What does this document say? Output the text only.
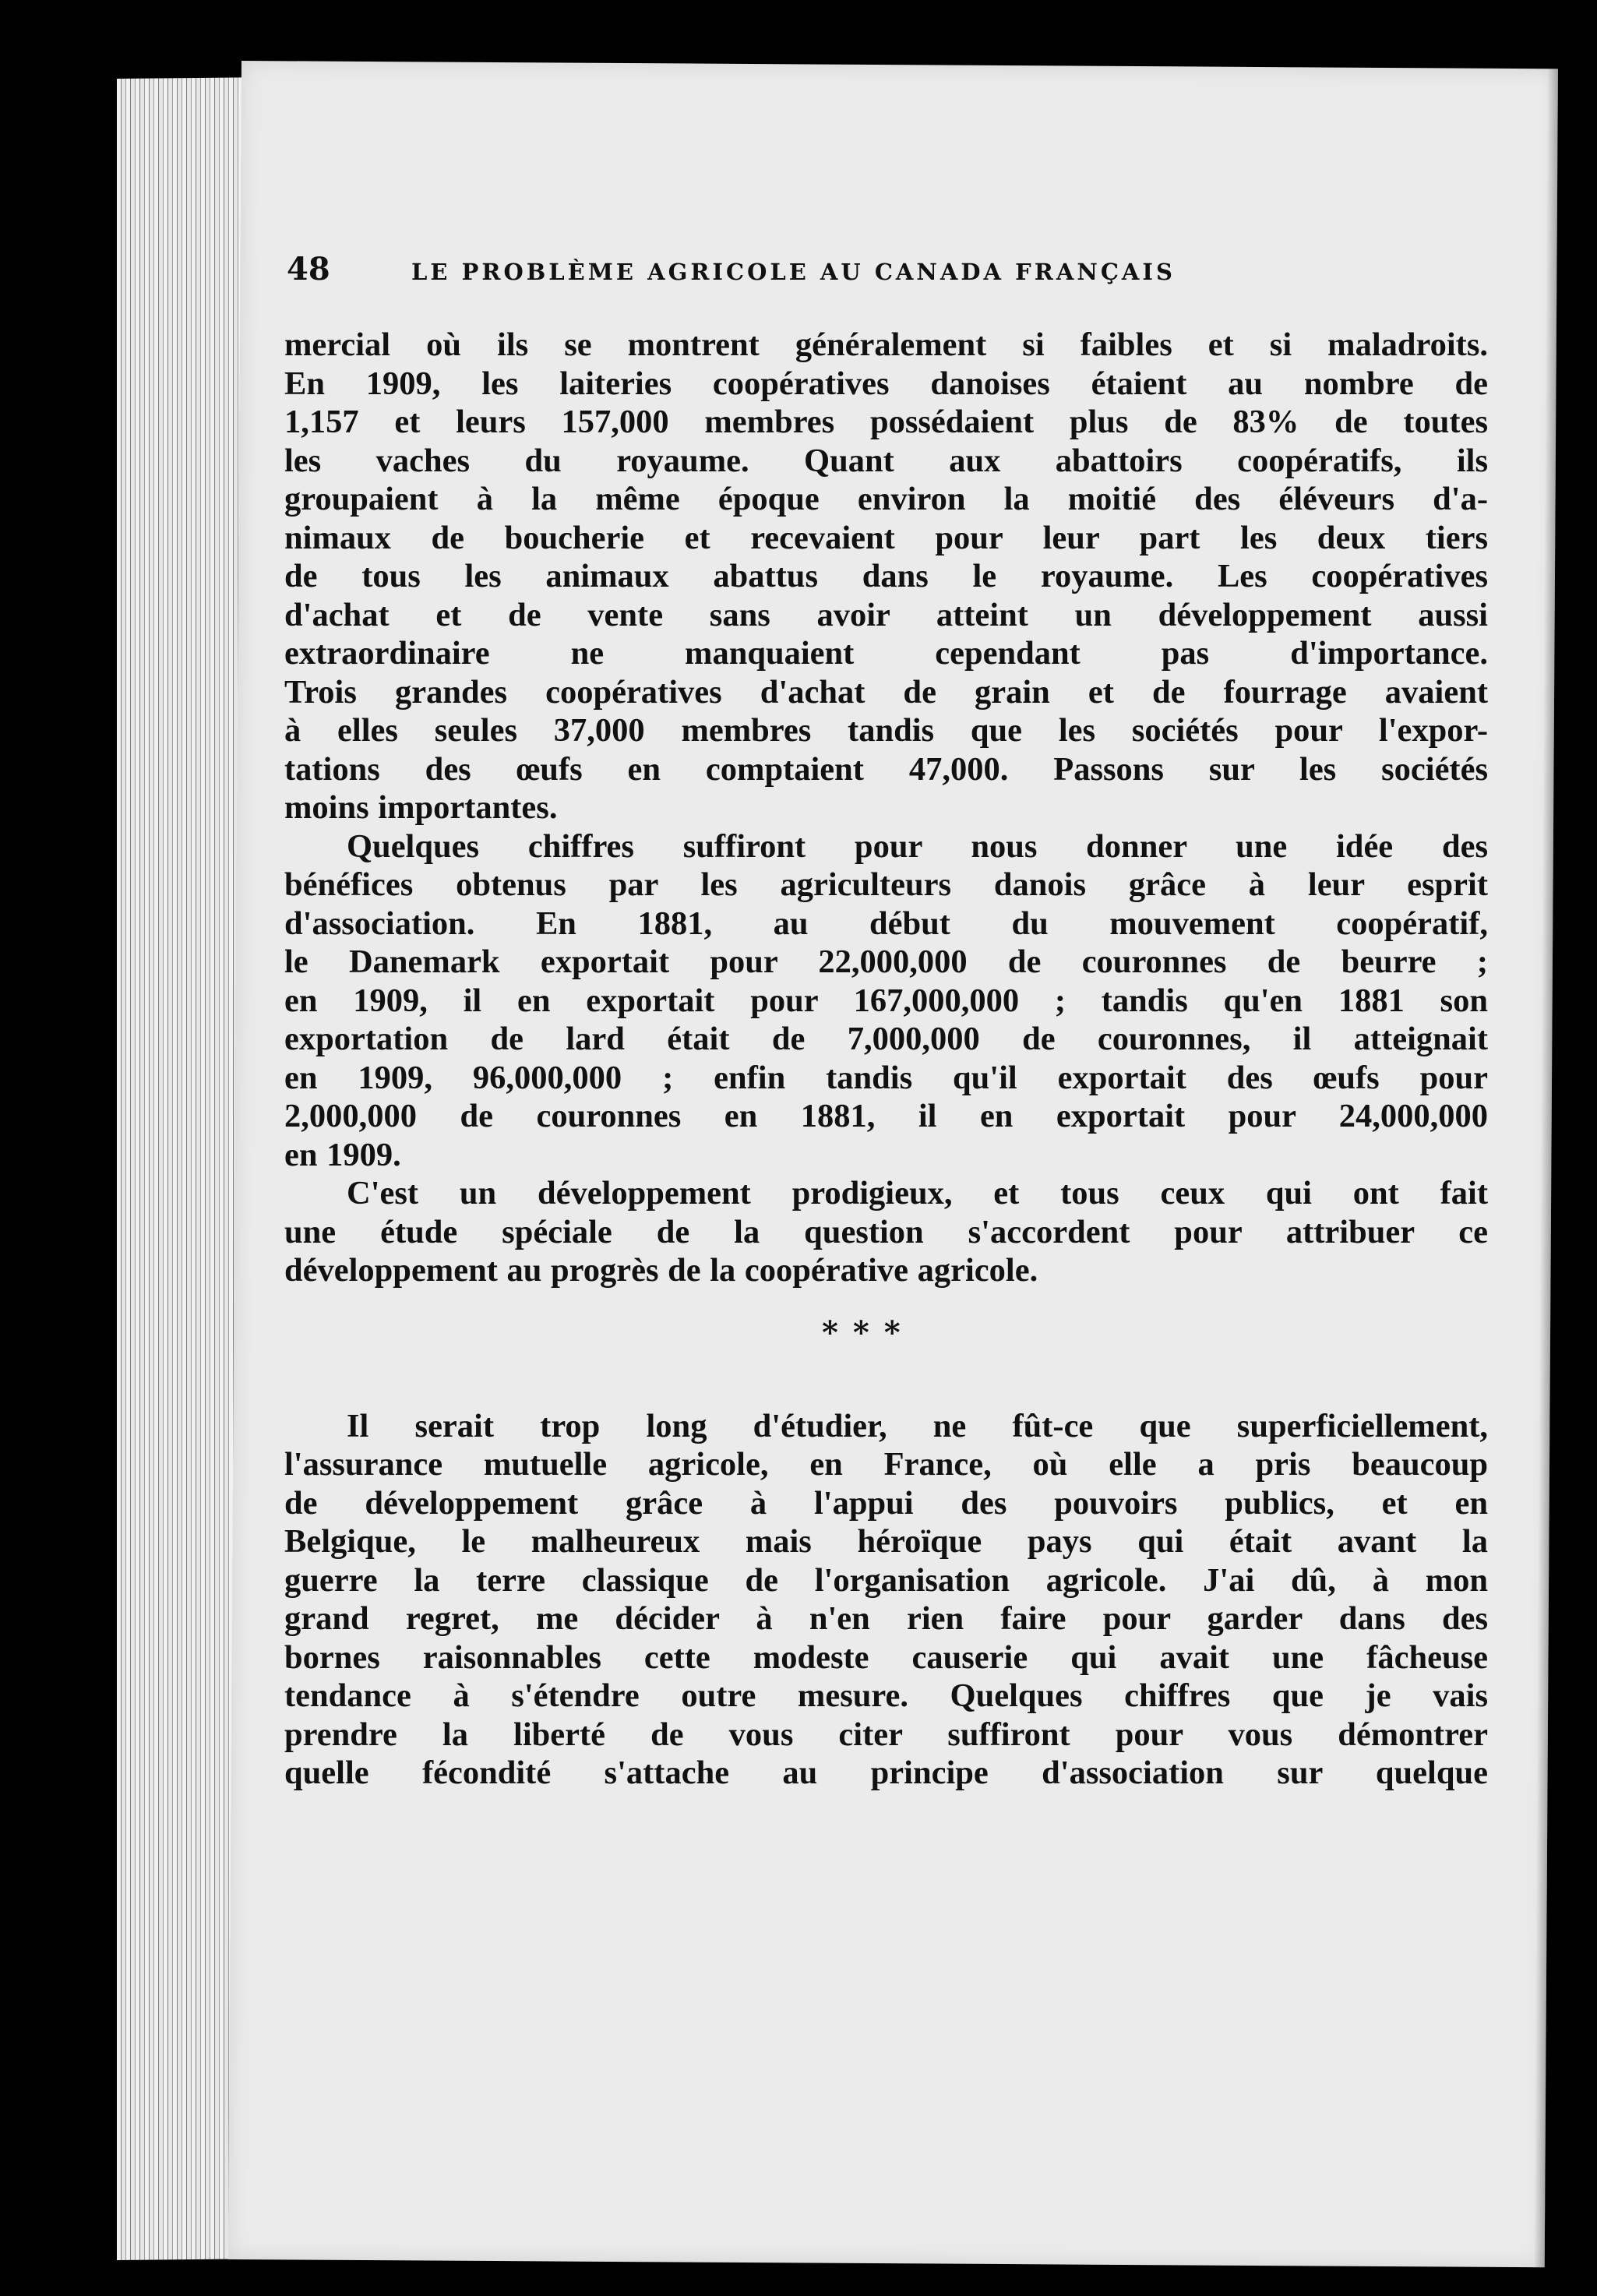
48	LE PROBLÈME AGRICOLE AU CANADA FRANÇAIS

mercial où ils se montrent généralement si faibles et si maladroits.
En 1909, les laiteries coopératives danoises étaient au nombre de
1,157 et leurs 157,000 membres possédaient plus de 83% de toutes
les vaches du royaume. Quant aux abattoirs coopératifs, ils
groupaient à la même époque environ la moitié des éléveurs d'a-
nimaux de boucherie et recevaient pour leur part les deux tiers
de tous les animaux abattus dans le royaume. Les coopératives
d'achat et de vente sans avoir atteint un développement aussi
extraordinaire ne manquaient cependant pas d'importance.
Trois grandes coopératives d'achat de grain et de fourrage avaient
à elles seules 37,000 membres tandis que les sociétés pour l'expor-
tations des œufs en comptaient 47,000. Passons sur les sociétés
moins importantes.

Quelques chiffres suffiront pour nous donner une idée des
bénéfices obtenus par les agriculteurs danois grâce à leur esprit
d'association. En 1881, au début du mouvement coopératif,
le Danemark exportait pour 22,000,000 de couronnes de beurre ;
en 1909, il en exportait pour 167,000,000 ; tandis qu'en 1881 son
exportation de lard était de 7,000,000 de couronnes, il atteignait
en 1909, 96,000,000 ; enfin tandis qu'il exportait des œufs pour
2,000,000 de couronnes en 1881, il en exportait pour 24,000,000
en 1909.

C'est un développement prodigieux, et tous ceux qui ont fait
une étude spéciale de la question s'accordent pour attribuer ce
développement au progrès de la coopérative agricole.

* * *

Il serait trop long d'étudier, ne fût-ce que superficiellement,
l'assurance mutuelle agricole, en France, où elle a pris beaucoup
de développement grâce à l'appui des pouvoirs publics, et en
Belgique, le malheureux mais héroïque pays qui était avant la
guerre la terre classique de l'organisation agricole. J'ai dû, à mon
grand regret, me décider à n'en rien faire pour garder dans des
bornes raisonnables cette modeste causerie qui avait une fâcheuse
tendance à s'étendre outre mesure. Quelques chiffres que je vais
prendre la liberté de vous citer suffiront pour vous démontrer
quelle fécondité s'attache au principe d'association sur quelque
